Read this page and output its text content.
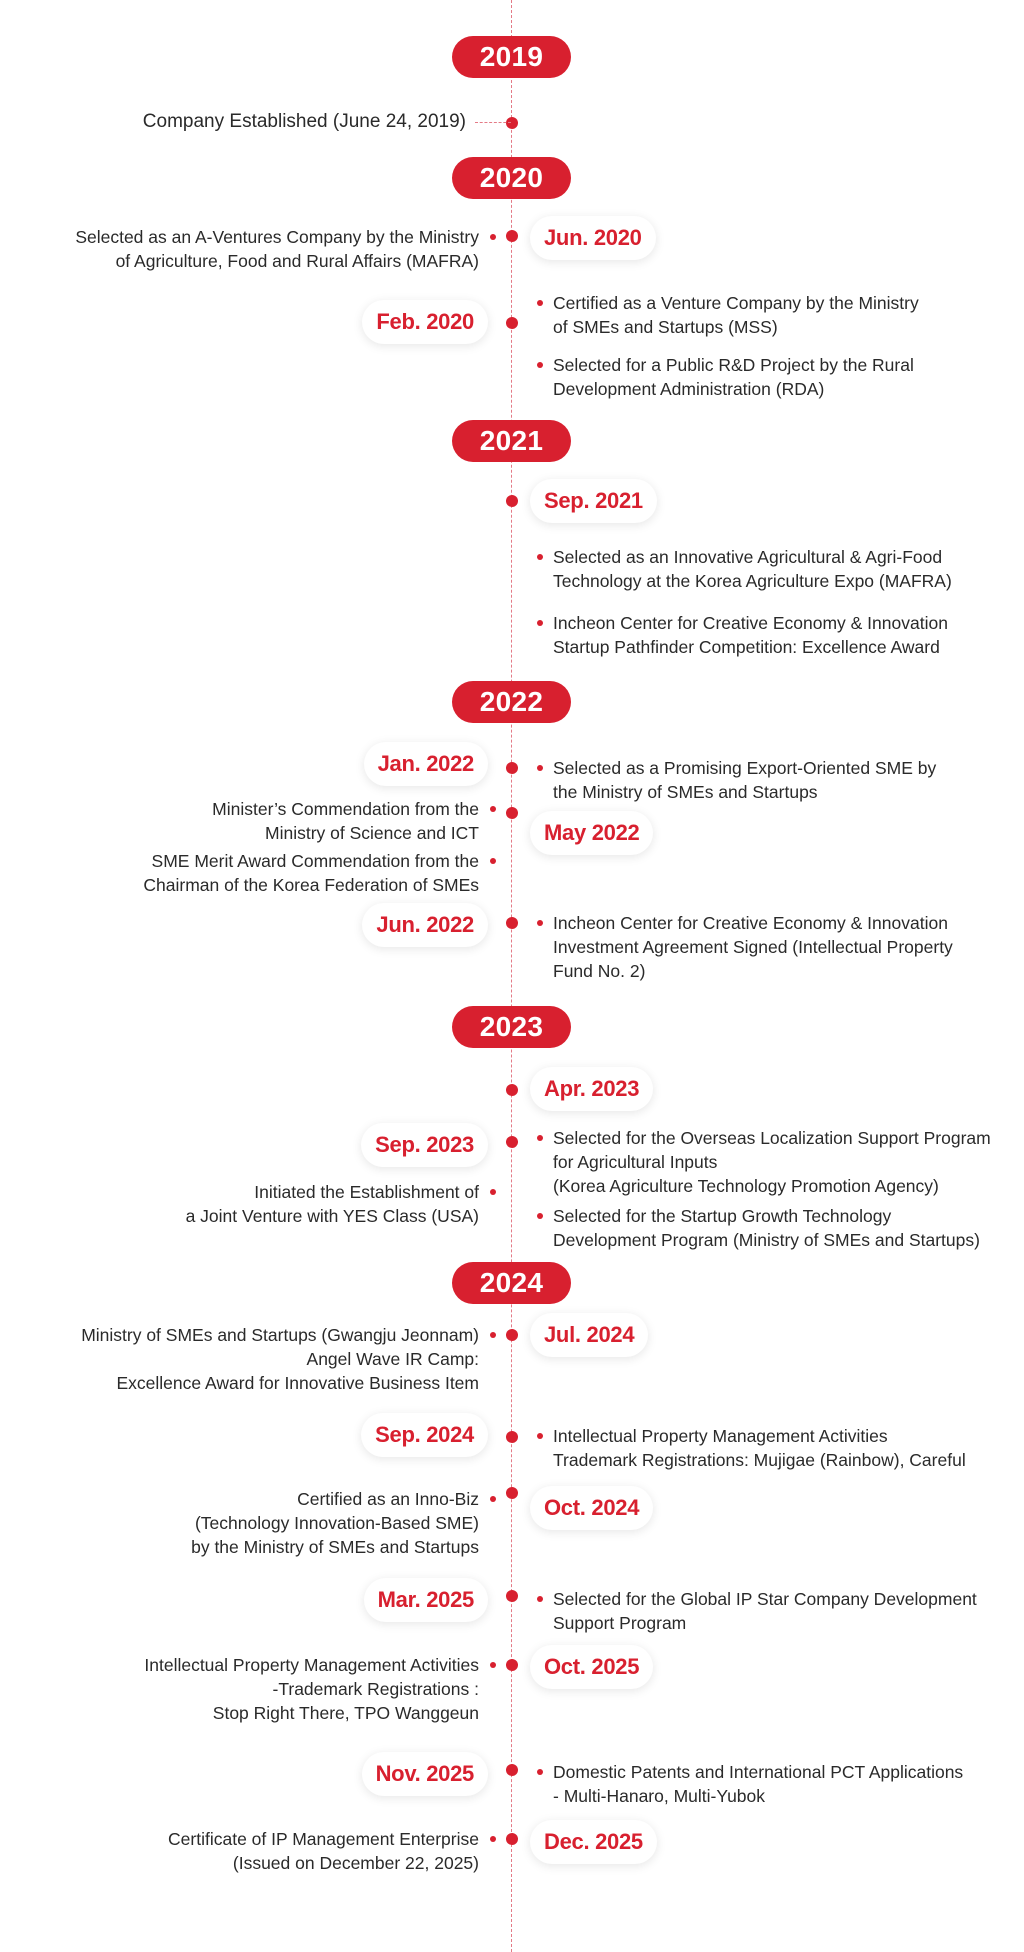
2019
2020
2021
2022
2023
2024
Company Established (June 24, 2019)
Jun. 2020
Selected as an A-Ventures Company by the Ministry
of Agriculture, Food and Rural Affairs (MAFRA)
Feb. 2020
Certified as a Venture Company by the Ministry
of SMEs and Startups (MSS)
Selected for a Public R&D Project by the Rural
Development Administration (RDA)
Sep. 2021
Selected as an Innovative Agricultural & Agri-Food
Technology at the Korea Agriculture Expo (MAFRA)
Incheon Center for Creative Economy & Innovation
Startup Pathfinder Competition: Excellence Award
Jan. 2022	Selected as a Promising Export-Oriented SME by
the Ministry of SMEs and Startups
Minister’s Commendation from the
Ministry of Science and ICT	May 2022
SME Merit Award Commendation from the
Chairman of the Korea Federation of SMEs
Jun. 2022	Incheon Center for Creative Economy & Innovation
Investment Agreement Signed (Intellectual Property
Fund No. 2)
Apr. 2023
Sep. 2023	Selected for the Overseas Localization Support Program
for Agricultural Inputs
(Korea Agriculture Technology Promotion Agency)
Initiated the Establishment of
a Joint Venture with YES Class (USA)	Selected for the Startup Growth Technology
Development Program (Ministry of SMEs and Startups)
Jul. 2024
Ministry of SMEs and Startups (Gwangju Jeonnam)
Angel Wave IR Camp:
Excellence Award for Innovative Business Item
Sep. 2024	Intellectual Property Management Activities
Trademark Registrations: Mujigae (Rainbow), Careful
Certified as an Inno-Biz
(Technology Innovation-Based SME)
by the Ministry of SMEs and Startups
Oct. 2024
Mar. 2025	Selected for the Global IP Star Company Development
Support Program
Intellectual Property Management Activities
-Trademark Registrations :
Stop Right There, TPO Wanggeun
Oct. 2025
Nov. 2025	Domestic Patents and International PCT Applications
- Multi-Hanaro, Multi-Yubok
Certificate of IP Management Enterprise
(Issued on December 22, 2025)
Dec. 2025
